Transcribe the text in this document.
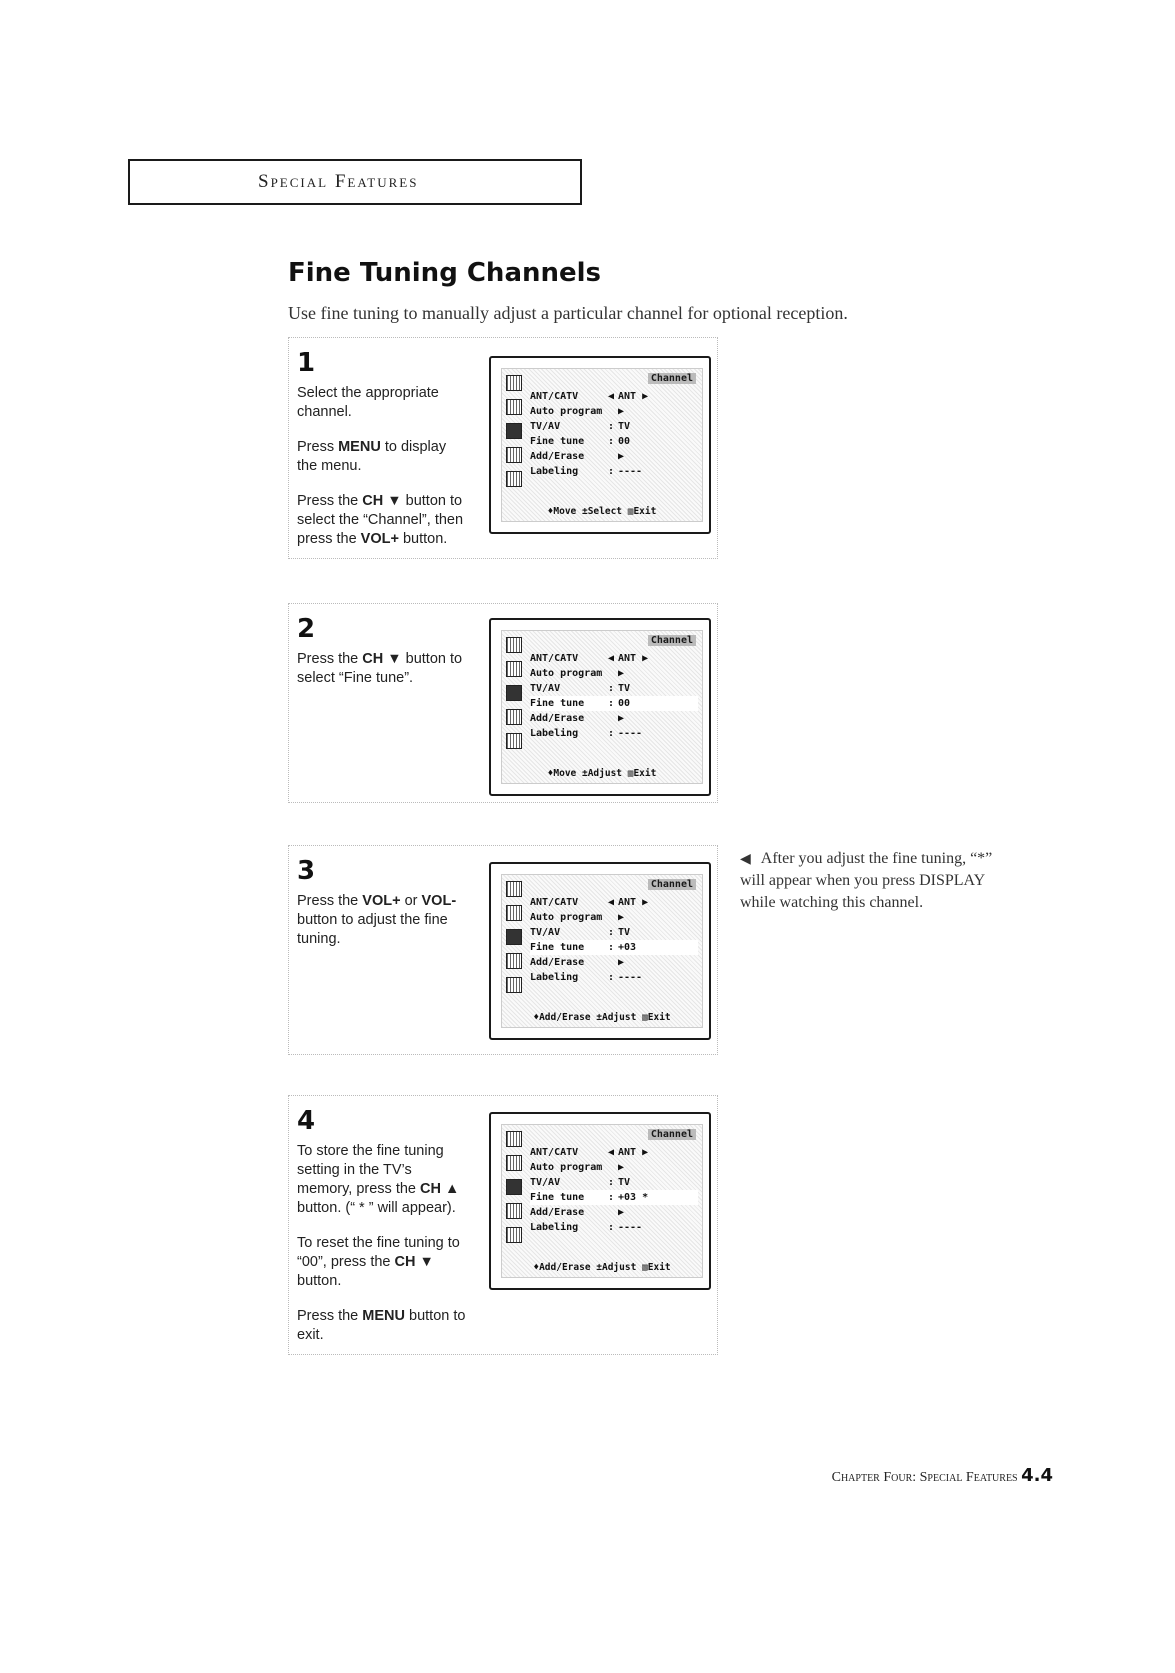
Special Features
Fine Tuning Channels

Use fine tuning to manually adjust a particular channel for optional reception.

1

Select the appropriate channel.

Press MENU to display the menu.

Press the CH ▼ button to select the “Channel”, then press the VOL+ button.

Channel
ANT/CATV	◀ ANT ▶
Auto program ▶
TV/AV	: TV
Fine tune	: 00
Add/Erase	▶
Labeling	: ----
♦Move ±Select ▥Exit
2

Press the CH ▼ button to select “Fine tune”.

Channel
ANT/CATV	◀ ANT ▶
Auto program ▶
TV/AV	: TV
Fine tune	: 00
Add/Erase	▶
Labeling	: ----
♦Move ±Adjust ▥Exit
3

Press the VOL+ or VOL- button to adjust the fine tuning.

Channel
ANT/CATV	◀ ANT ▶
Auto program ▶
TV/AV	: TV
Fine tune	: +03
Add/Erase	▶
Labeling	: ----
♦Add/Erase ±Adjust ▥Exit
4

To store the fine tuning setting in the TV’s memory, press the CH ▲ button. (“ * ” will appear).

To reset the fine tuning to “00”, press the CH ▼ button.

Press the MENU button to exit.

Channel
ANT/CATV	◀ ANT ▶
Auto program ▶
TV/AV	: TV
Fine tune	: +03 *
Add/Erase	▶
Labeling	: ----
♦Add/Erase ±Adjust ▥Exit

◀ After you adjust the fine tuning, “*” will appear when you press DISPLAY while watching this channel.

Chapter Four: Special Features 4.4
